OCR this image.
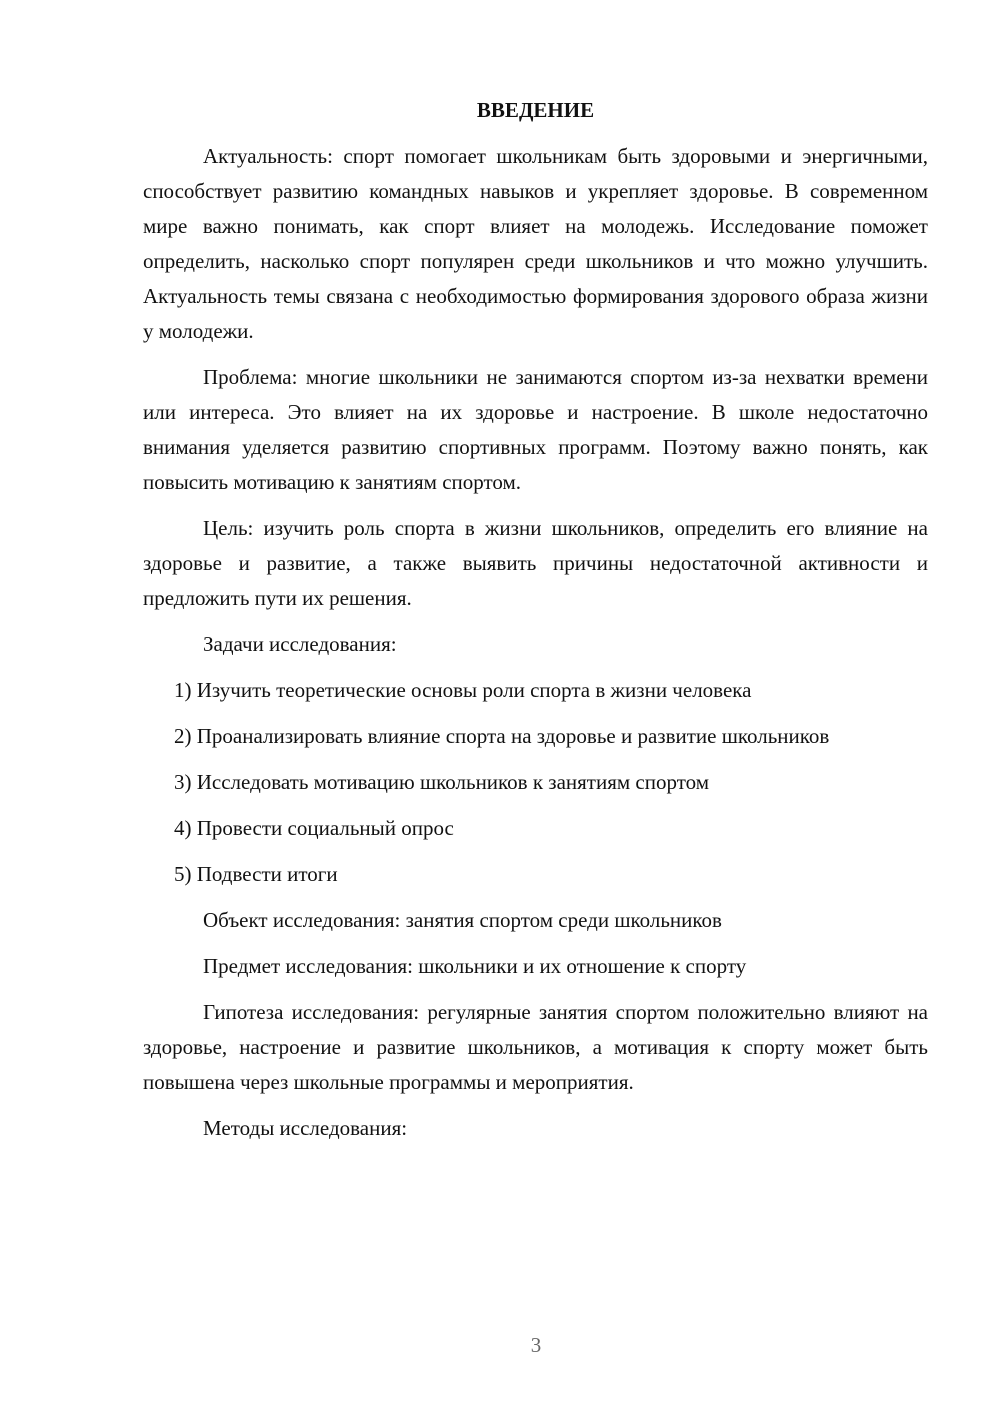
ВВЕДЕНИЕ

Актуальность: спорт помогает школьникам быть здоровыми и энергичными, способствует развитию командных навыков и укрепляет здоровье. В современном мире важно понимать, как спорт влияет на молодежь. Исследование поможет определить, насколько спорт популярен среди школьников и что можно улучшить. Актуальность темы связана с необходимостью формирования здорового образа жизни у молодежи.

Проблема: многие школьники не занимаются спортом из-за нехватки времени или интереса. Это влияет на их здоровье и настроение. В школе недостаточно внимания уделяется развитию спортивных программ. Поэтому важно понять, как повысить мотивацию к занятиям спортом.

Цель: изучить роль спорта в жизни школьников, определить его влияние на здоровье и развитие, а также выявить причины недостаточной активности и предложить пути их решения.

Задачи исследования:

1) Изучить теоретические основы роли спорта в жизни человека

2) Проанализировать влияние спорта на здоровье и развитие школьников

3) Исследовать мотивацию школьников к занятиям спортом

4) Провести социальный опрос

5) Подвести итоги

Объект исследования: занятия спортом среди школьников

Предмет исследования: школьники и их отношение к спорту

Гипотеза исследования: регулярные занятия спортом положительно влияют на здоровье, настроение и развитие школьников, а мотивация к спорту может быть повышена через школьные программы и мероприятия.

Методы исследования:

3
